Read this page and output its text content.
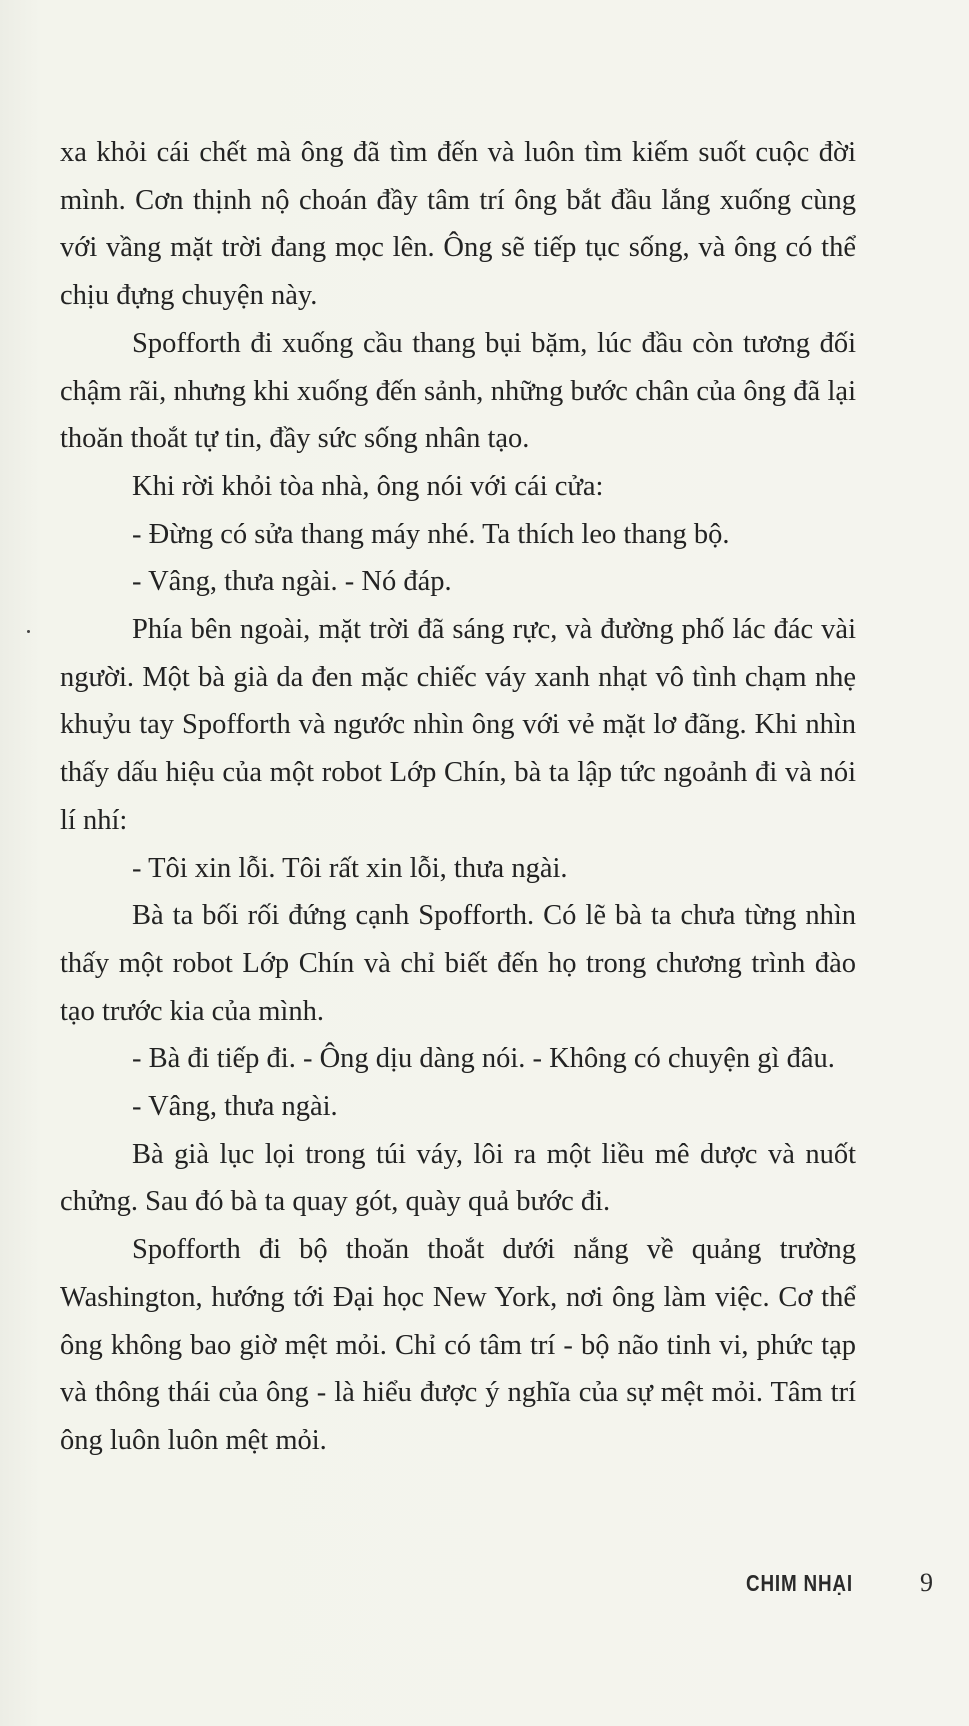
xa khỏi cái chết mà ông đã tìm đến và luôn tìm kiếm suốt cuộc đời mình. Cơn thịnh nộ choán đầy tâm trí ông bắt đầu lắng xuống cùng với vầng mặt trời đang mọc lên. Ông sẽ tiếp tục sống, và ông có thể chịu đựng chuyện này.

Spofforth đi xuống cầu thang bụi bặm, lúc đầu còn tương đối chậm rãi, nhưng khi xuống đến sảnh, những bước chân của ông đã lại thoăn thoắt tự tin, đầy sức sống nhân tạo.

Khi rời khỏi tòa nhà, ông nói với cái cửa:

- Đừng có sửa thang máy nhé. Ta thích leo thang bộ.

- Vâng, thưa ngài. - Nó đáp.

Phía bên ngoài, mặt trời đã sáng rực, và đường phố lác đác vài người. Một bà già da đen mặc chiếc váy xanh nhạt vô tình chạm nhẹ khuỷu tay Spofforth và ngước nhìn ông với vẻ mặt lơ đãng. Khi nhìn thấy dấu hiệu của một robot Lớp Chín, bà ta lập tức ngoảnh đi và nói lí nhí:

- Tôi xin lỗi. Tôi rất xin lỗi, thưa ngài.

Bà ta bối rối đứng cạnh Spofforth. Có lẽ bà ta chưa từng nhìn thấy một robot Lớp Chín và chỉ biết đến họ trong chương trình đào tạo trước kia của mình.

- Bà đi tiếp đi. - Ông dịu dàng nói. - Không có chuyện gì đâu.

- Vâng, thưa ngài.

Bà già lục lọi trong túi váy, lôi ra một liều mê dược và nuốt chửng. Sau đó bà ta quay gót, quày quả bước đi.

Spofforth đi bộ thoăn thoắt dưới nắng về quảng trường Washington, hướng tới Đại học New York, nơi ông làm việc. Cơ thể ông không bao giờ mệt mỏi. Chỉ có tâm trí - bộ não tinh vi, phức tạp và thông thái của ông - là hiểu được ý nghĩa của sự mệt mỏi. Tâm trí ông luôn luôn mệt mỏi.

CHIM NHẠI	9
